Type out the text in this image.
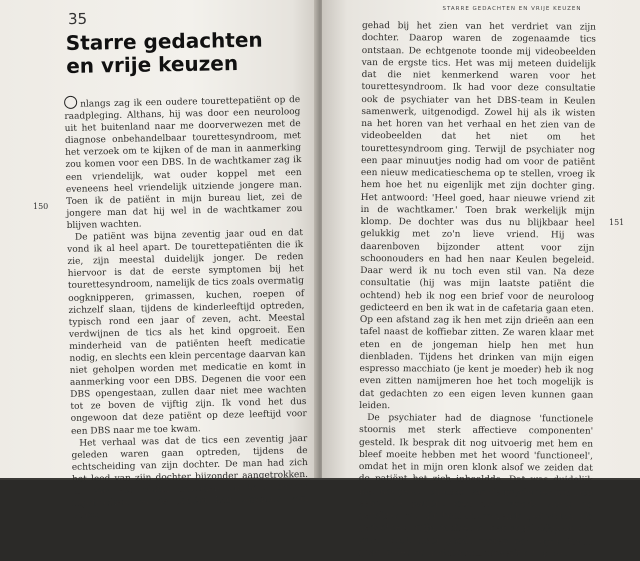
35
Starre gedachten en vrije keuzen

nlangs zag ik een oudere tourettepatiënt op de raadpleging. Althans, hij was door een neuroloog uit het buitenland naar me doorverwezen met de diagnose onbehandelbaar tourettesyndroom, met het verzoek om te kijken of de man in aanmerking zou komen voor een DBS. In de wachtkamer zag ik een vriendelijk, wat ouder koppel met een eveneens heel vriendelijk uitziende jongere man. Toen ik de patiënt in mijn bureau liet, zei de jongere man dat hij wel in de wachtkamer zou blijven wachten.

De patiënt was bijna zeventig jaar oud en dat vond ik al heel apart. De tourettepatiënten die ik zie, zijn meestal duidelijk jonger. De reden hiervoor is dat de eerste symptomen bij het tourettesyndroom, namelijk de tics zoals overmatig oogknipperen, grimassen, kuchen, roepen of zichzelf slaan, tijdens de kinderleeftijd optreden, typisch rond een jaar of zeven, acht. Meestal verdwijnen de tics als het kind opgroeit. Een minderheid van de patiënten heeft medicatie nodig, en slechts een klein percentage daarvan kan niet geholpen worden met medicatie en komt in aanmerking voor een DBS. Degenen die voor een DBS opengestaan, zullen daar niet mee wachten tot ze boven de vijftig zijn. Ik vond het dus ongewoon dat deze patiënt op deze leeftijd voor een DBS naar me toe kwam.

Het verhaal was dat de tics een zeventig jaar geleden waren gaan optreden, tijdens de echtscheiding van zijn dochter. De man had zich het leed van zijn dochter bijzonder aangetrokken. Zij was een vijftal maanden bij haar ouders ingetrokken, en de patiënt had bijzonder veel stress

150
STARRE GEDACHTEN EN VRIJE KEUZEN

gehad bij het zien van het verdriet van zijn dochter. Daarop waren de zogenaamde tics ontstaan. De echtgenote toonde mij videobeelden van de ergste tics. Het was mij meteen duidelijk dat die niet kenmerkend waren voor het tourettesyndroom. Ik had voor deze consultatie ook de psychiater van het DBS-team in Keulen samenwerk, uitgenodigd. Zowel hij als ik wisten na het horen van het verhaal en het zien van de videobeelden dat het niet om het tourettesyndroom ging. Terwijl de psychiater nog een paar minuutjes nodig had om voor de patiënt een nieuw medicatieschema op te stellen, vroeg ik hem hoe het nu eigenlijk met zijn dochter ging. Het antwoord: 'Heel goed, haar nieuwe vriend zit in de wachtkamer.' Toen brak werkelijk mijn klomp. De dochter was dus nu blijkbaar heel gelukkig met zo'n lieve vriend. Hij was daarenboven bijzonder attent voor zijn schoonouders en had hen naar Keulen begeleid. Daar werd ik nu toch even stil van. Na deze consultatie (hij was mijn laatste patiënt die ochtend) heb ik nog een brief voor de neuroloog gedicteerd en ben ik wat in de cafetaria gaan eten. Op een afstand zag ik hen met zijn drieën aan een tafel naast de koffiebar zitten. Ze waren klaar met eten en de jongeman hielp hen met hun dienbladen. Tijdens het drinken van mijn eigen espresso macchiato (je kent je moeder) heb ik nog even zitten namijmeren hoe het toch mogelijk is dat gedachten zo een eigen leven kunnen gaan leiden.

De psychiater had de diagnose 'functionele stoornis met sterk affectieve componenten' gesteld. Ik besprak dit nog uitvoerig met hem en bleef moeite hebben met het woord 'functioneel', omdat het in mijn oren klonk alsof we zeiden dat de patiënt het zich inbeeldde. Dat was duidelijk niet het geval, en daar was de psychiater het mee eens: de patiënt leed nog steeds onder de gevolgen van zijn heel stresserende gedachten. De gedachten, 'mijn dochter is diep ongelukkig en het komt nooit meer goed', waren een eigen leven gaan leiden en hadden hun uitwerking op het

151
